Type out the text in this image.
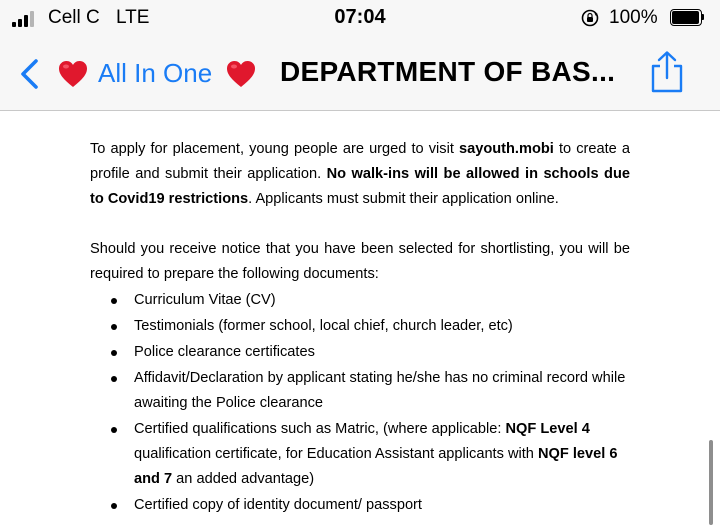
Cell C LTE	07:04	100%
All In One DEPARTMENT OF BAS...

To apply for placement, young people are urged to visit sayouth.mobi to create a profile and submit their application. No walk-ins will be allowed in schools due to Covid19 restrictions. Applicants must submit their application online.

Should you receive notice that you have been selected for shortlisting, you will be required to prepare the following documents:

Curriculum Vitae (CV)
Testimonials (former school, local chief, church leader, etc)
Police clearance certificates
Affidavit/Declaration by applicant stating he/she has no criminal record while awaiting the Police clearance
Certified qualifications such as Matric, (where applicable: NQF Level 4 qualification certificate, for Education Assistant applicants with NQF level 6 and 7 an added advantage)
Certified copy of identity document/ passport
